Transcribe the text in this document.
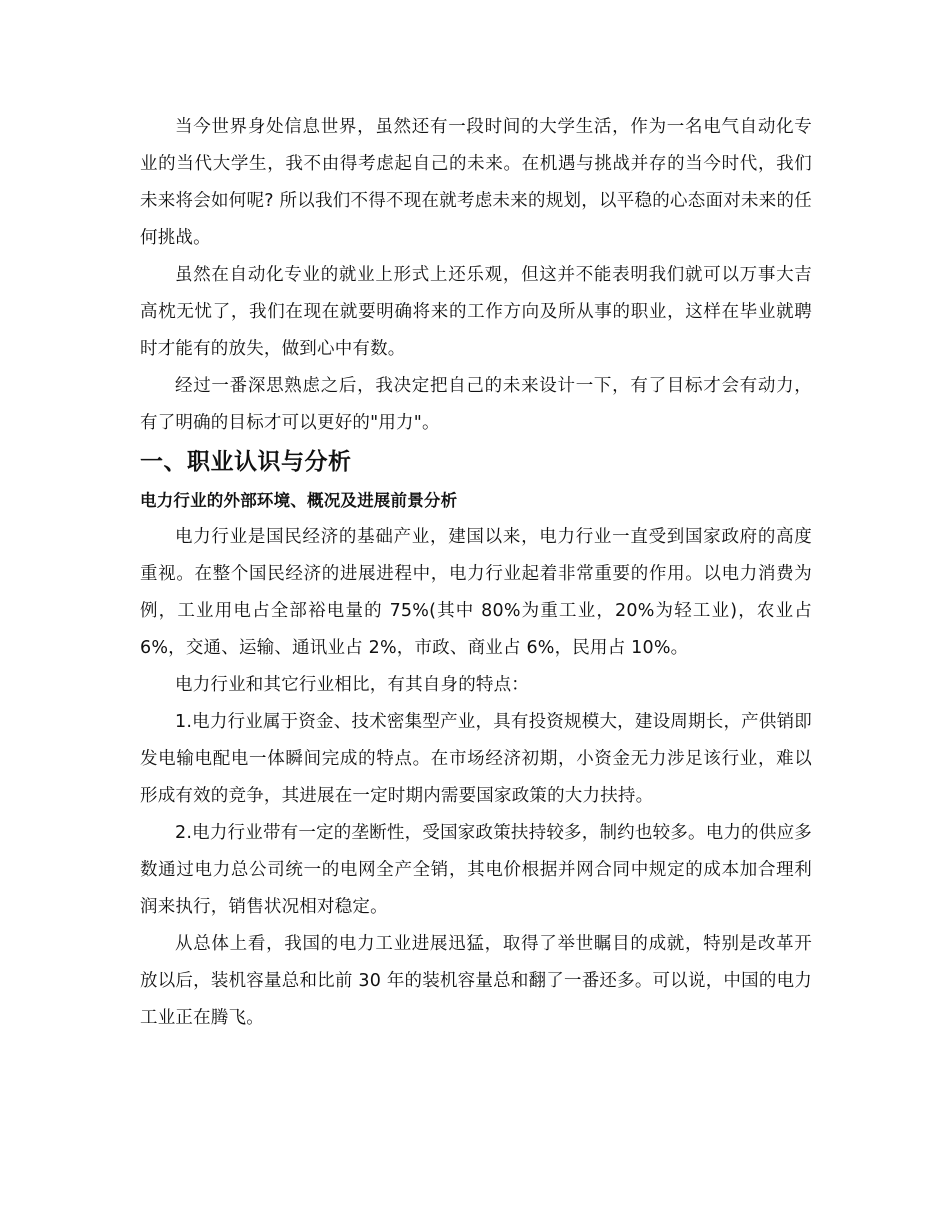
当今世界身处信息世界，虽然还有一段时间的大学生活，作为一名电气自动化专业的当代大学生，我不由得考虑起自己的未来。在机遇与挑战并存的当今时代，我们未来将会如何呢? 所以我们不得不现在就考虑未来的规划，以平稳的心态面对未来的任何挑战。

虽然在自动化专业的就业上形式上还乐观，但这并不能表明我们就可以万事大吉高枕无忧了，我们在现在就要明确将来的工作方向及所从事的职业，这样在毕业就聘时才能有的放失，做到心中有数。

经过一番深思熟虑之后，我决定把自己的未来设计一下，有了目标才会有动力，有了明确的目标才可以更好的"用力"。

一、职业认识与分析
电力行业的外部环境、概况及进展前景分析

电力行业是国民经济的基础产业，建国以来，电力行业一直受到国家政府的高度重视。在整个国民经济的进展进程中，电力行业起着非常重要的作用。以电力消费为例，工业用电占全部裕电量的 75%(其中 80%为重工业，20%为轻工业)，农业占 6%，交通、运输、通讯业占 2%，市政、商业占 6%，民用占 10%。

电力行业和其它行业相比，有其自身的特点：

1.电力行业属于资金、技术密集型产业，具有投资规模大，建设周期长，产供销即发电输电配电一体瞬间完成的特点。在市场经济初期，小资金无力涉足该行业，难以形成有效的竞争，其进展在一定时期内需要国家政策的大力扶持。

2.电力行业带有一定的垄断性，受国家政策扶持较多，制约也较多。电力的供应多数通过电力总公司统一的电网全产全销，其电价根据并网合同中规定的成本加合理利润来执行，销售状况相对稳定。

从总体上看，我国的电力工业进展迅猛，取得了举世瞩目的成就，特别是改革开放以后，装机容量总和比前 30 年的装机容量总和翻了一番还多。可以说，中国的电力工业正在腾飞。
